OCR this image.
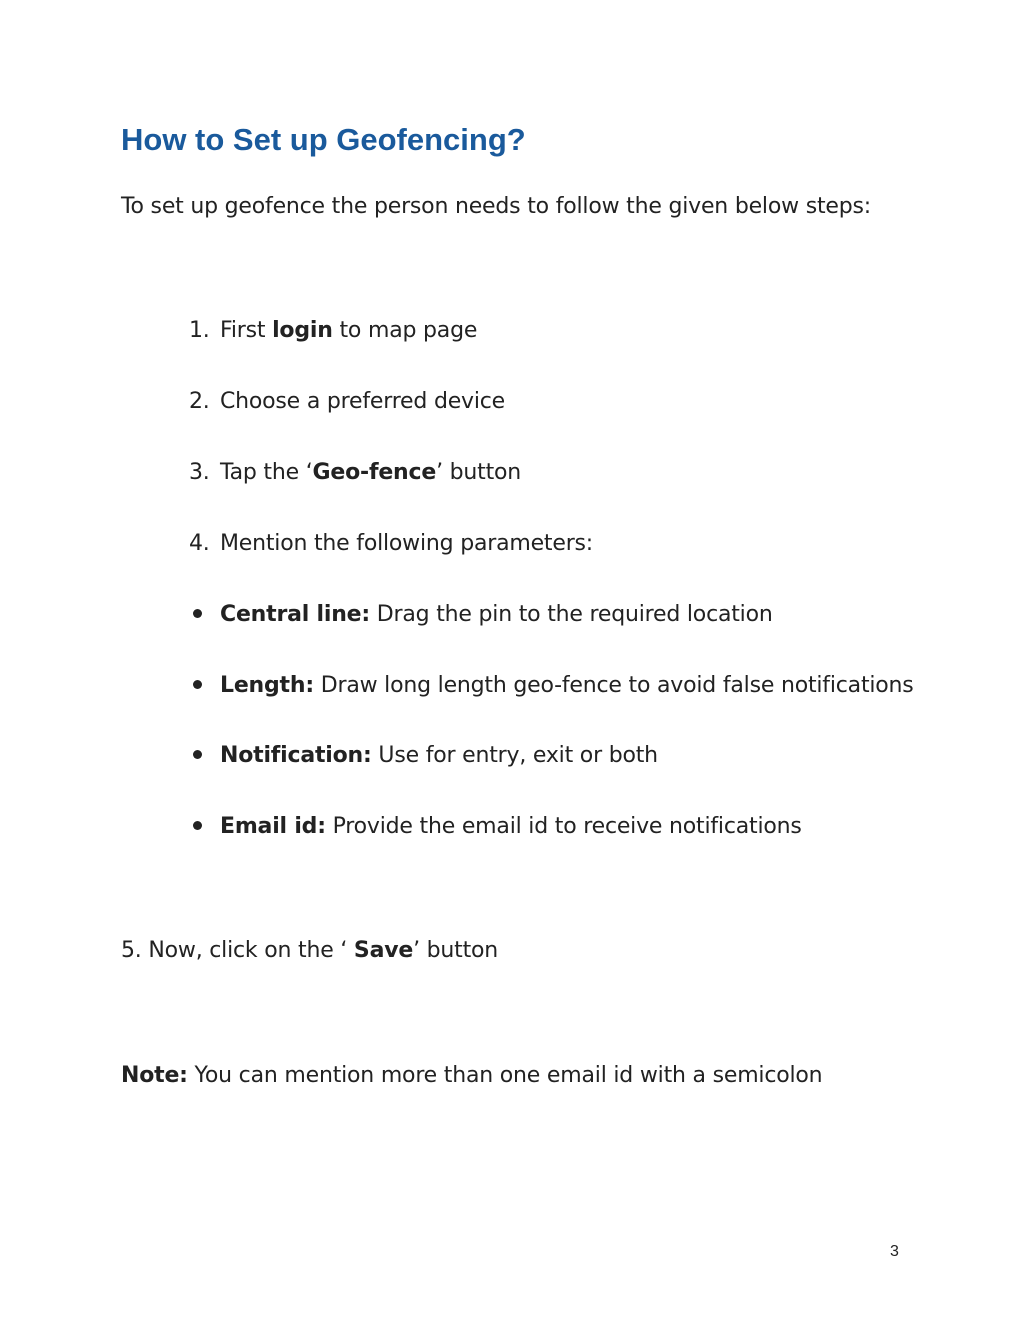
How to Set up Geofencing?
To set up geofence the person needs to follow the given below steps:
1. First login to map page
2. Choose a preferred device
3. Tap the ‘Geo-fence’ button
4. Mention the following parameters:
Central line: Drag the pin to the required location
Length: Draw long length geo-fence to avoid false notifications
Notification: Use for entry, exit or both
Email id: Provide the email id to receive notifications
5. Now, click on the ‘ Save’ button
Note: You can mention more than one email id with a semicolon
3
